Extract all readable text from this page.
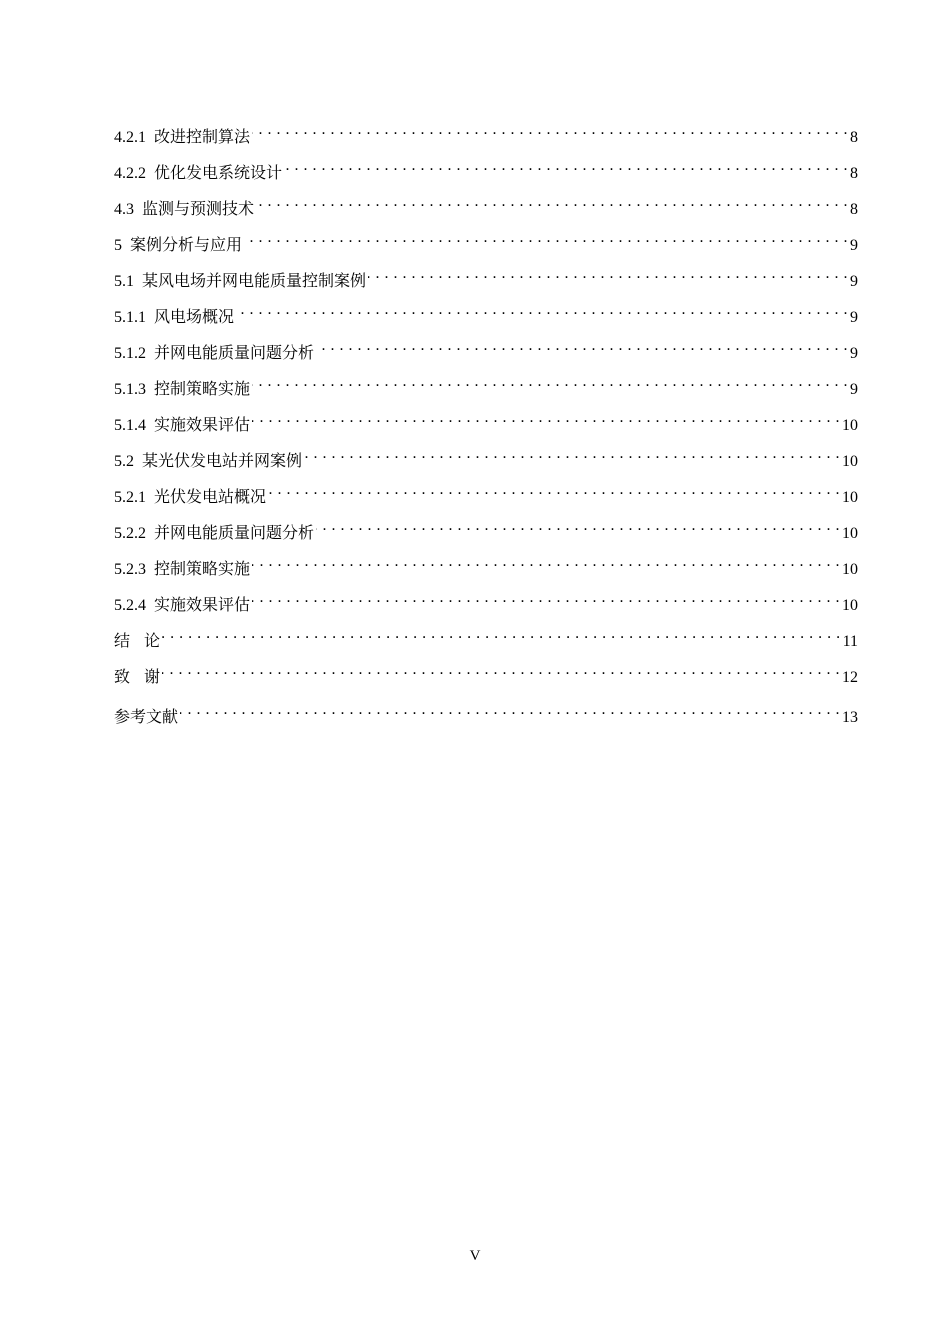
4.2.1 改进控制算法 . . .	8
4.2.2 优化发电系统设计 . . .	8
4.3 监测与预测技术 . . .	8
5 案例分析与应用 . . .	9
5.1 某风电场并网电能质量控制案例 . . .	9
5.1.1 风电场概况 . . .	9
5.1.2 并网电能质量问题分析 . . .	9
5.1.3 控制策略实施 . . .	9
5.1.4 实施效果评估 . . .	10
5.2 某光伏发电站并网案例 . . .	10
5.2.1 光伏发电站概况 . . .	10
5.2.2 并网电能质量问题分析 . . .	10
5.2.3 控制策略实施 . . .	10
5.2.4 实施效果评估 . . .	10
结论 . . .	11
致谢 . . .	12
参考文献 . . .	13
V
